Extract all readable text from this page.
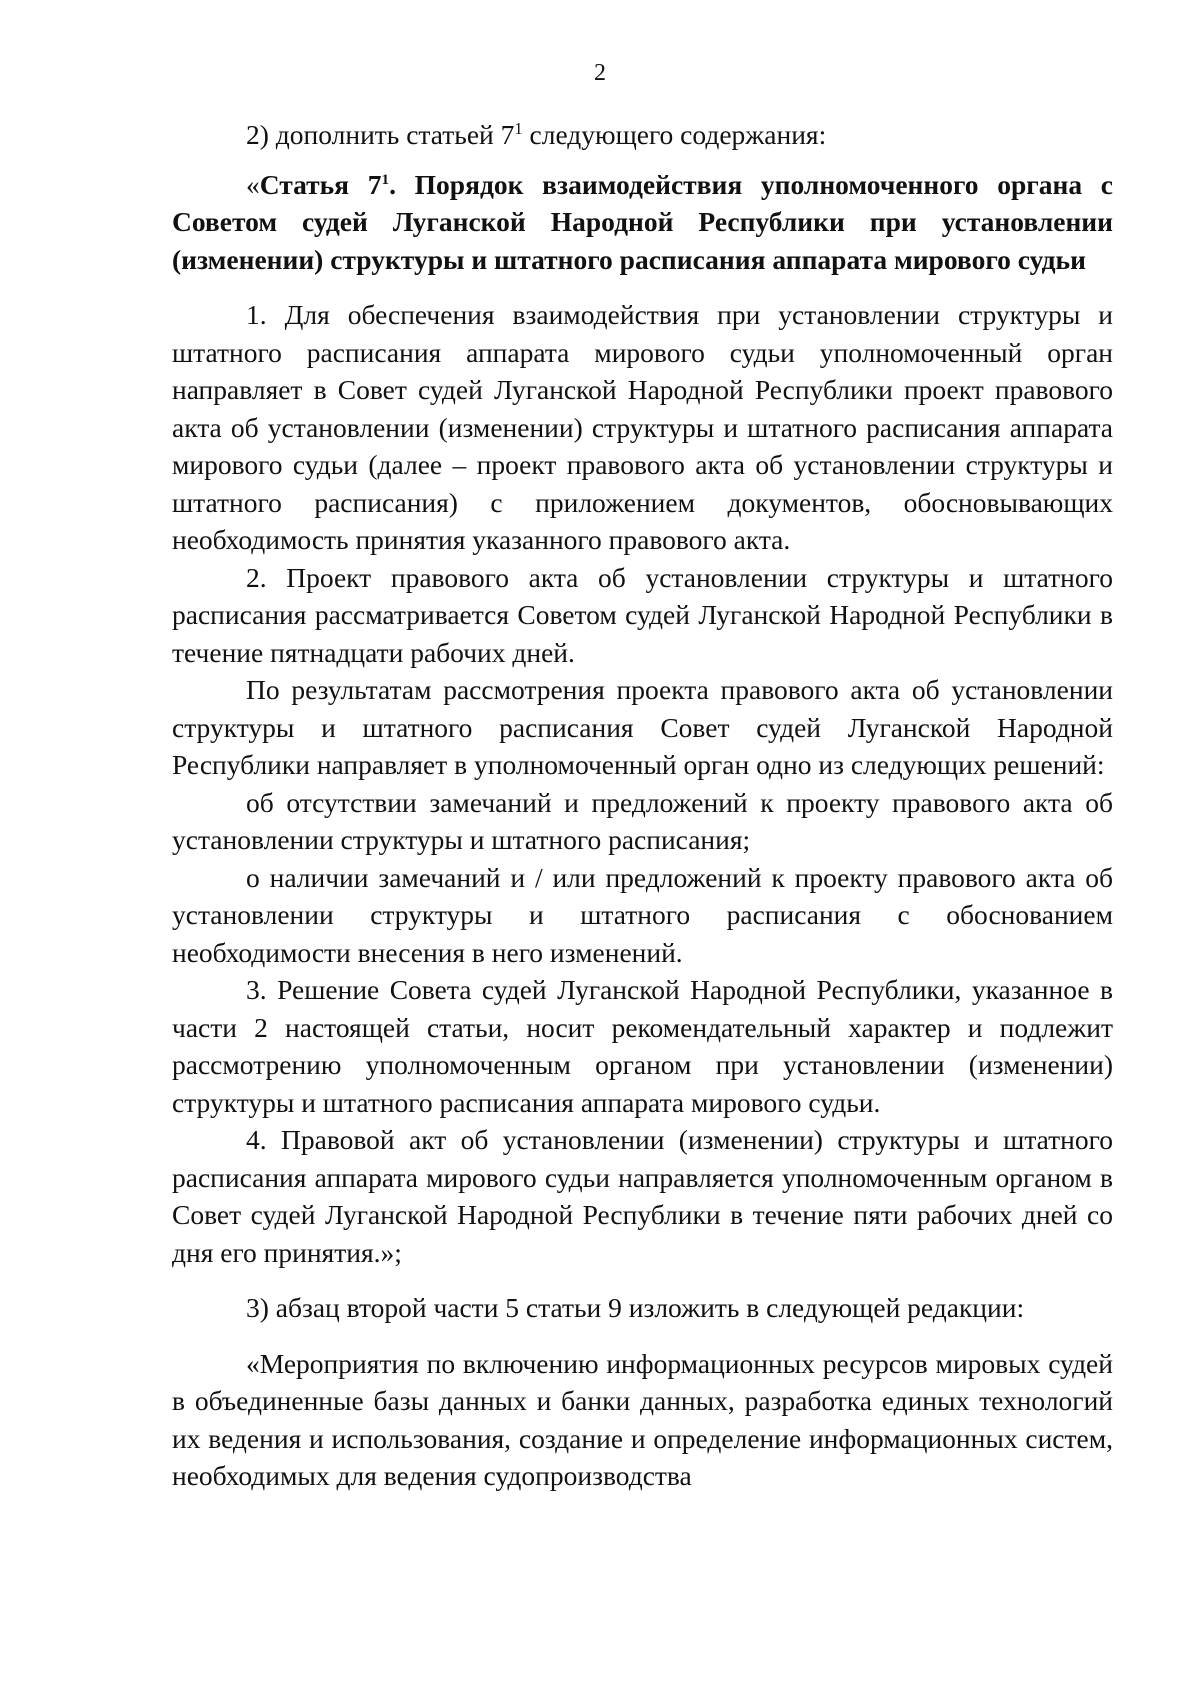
2

2) дополнить статьей $7^1$ следующего содержания:

«Статья $7^1$. Порядок взаимодействия уполномоченного органа с Советом судей Луганской Народной Республики при установлении (изменении) структуры и штатного расписания аппарата мирового судьи

1. Для обеспечения взаимодействия при установлении структуры и штатного расписания аппарата мирового судьи уполномоченный орган направляет в Совет судей Луганской Народной Республики проект правового акта об установлении (изменении) структуры и штатного расписания аппарата мирового судьи (далее – проект правового акта об установлении структуры и штатного расписания) с приложением документов, обосновывающих необходимость принятия указанного правового акта.

2. Проект правового акта об установлении структуры и штатного расписания рассматривается Советом судей Луганской Народной Республики в течение пятнадцати рабочих дней.

По результатам рассмотрения проекта правового акта об установлении структуры и штатного расписания Совет судей Луганской Народной Республики направляет в уполномоченный орган одно из следующих решений:

об отсутствии замечаний и предложений к проекту правового акта об установлении структуры и штатного расписания;

о наличии замечаний и / или предложений к проекту правового акта об установлении структуры и штатного расписания с обоснованием необходимости внесения в него изменений.

3. Решение Совета судей Луганской Народной Республики, указанное в части 2 настоящей статьи, носит рекомендательный характер и подлежит рассмотрению уполномоченным органом при установлении (изменении) структуры и штатного расписания аппарата мирового судьи.

4. Правовой акт об установлении (изменении) структуры и штатного расписания аппарата мирового судьи направляется уполномоченным органом в Совет судей Луганской Народной Республики в течение пяти рабочих дней со дня его принятия.»;

3) абзац второй части 5 статьи 9 изложить в следующей редакции:

«Мероприятия по включению информационных ресурсов мировых судей в объединенные базы данных и банки данных, разработка единых технологий их ведения и использования, создание и определение информационных систем, необходимых для ведения судопроизводства
